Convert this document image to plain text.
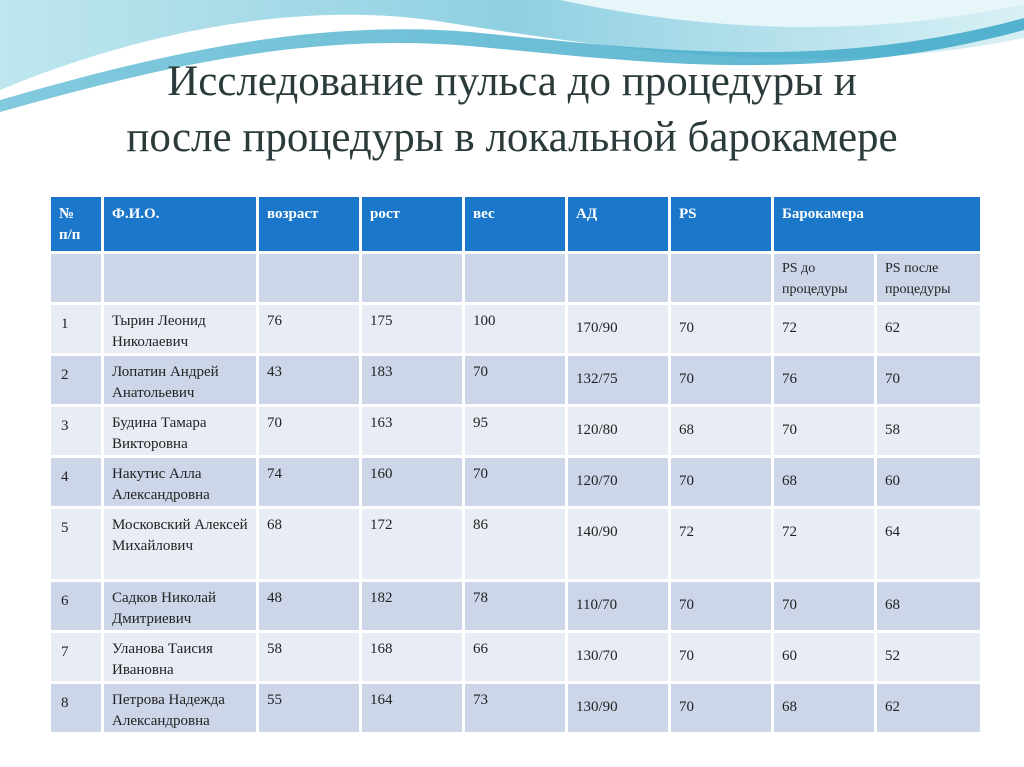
Исследование пульса до процедуры и
после процедуры в локальной барокамере
№
п/п	Ф.И.О.	возраст	рост	вес	АД	PS	Барокамера	
							PS до процедуры	PS после процедуры
1	Тырин Леонид Николаевич	76	175	100	170/90	70	72	62
2	Лопатин Андрей Анатольевич	43	183	70	132/75	70	76	70
3	Будина Тамара Викторовна	70	163	95	120/80	68	70	58
4	Накутис Алла Александровна	74	160	70	120/70	70	68	60
5	Московский Алексей Михайлович	68	172	86	140/90	72	72	64
6	Садков Николай Дмитриевич	48	182	78	110/70	70	70	68
7	Уланова Таисия Ивановна	58	168	66	130/70	70	60	52
8	Петрова Надежда Александровна	55	164	73	130/90	70	68	62
